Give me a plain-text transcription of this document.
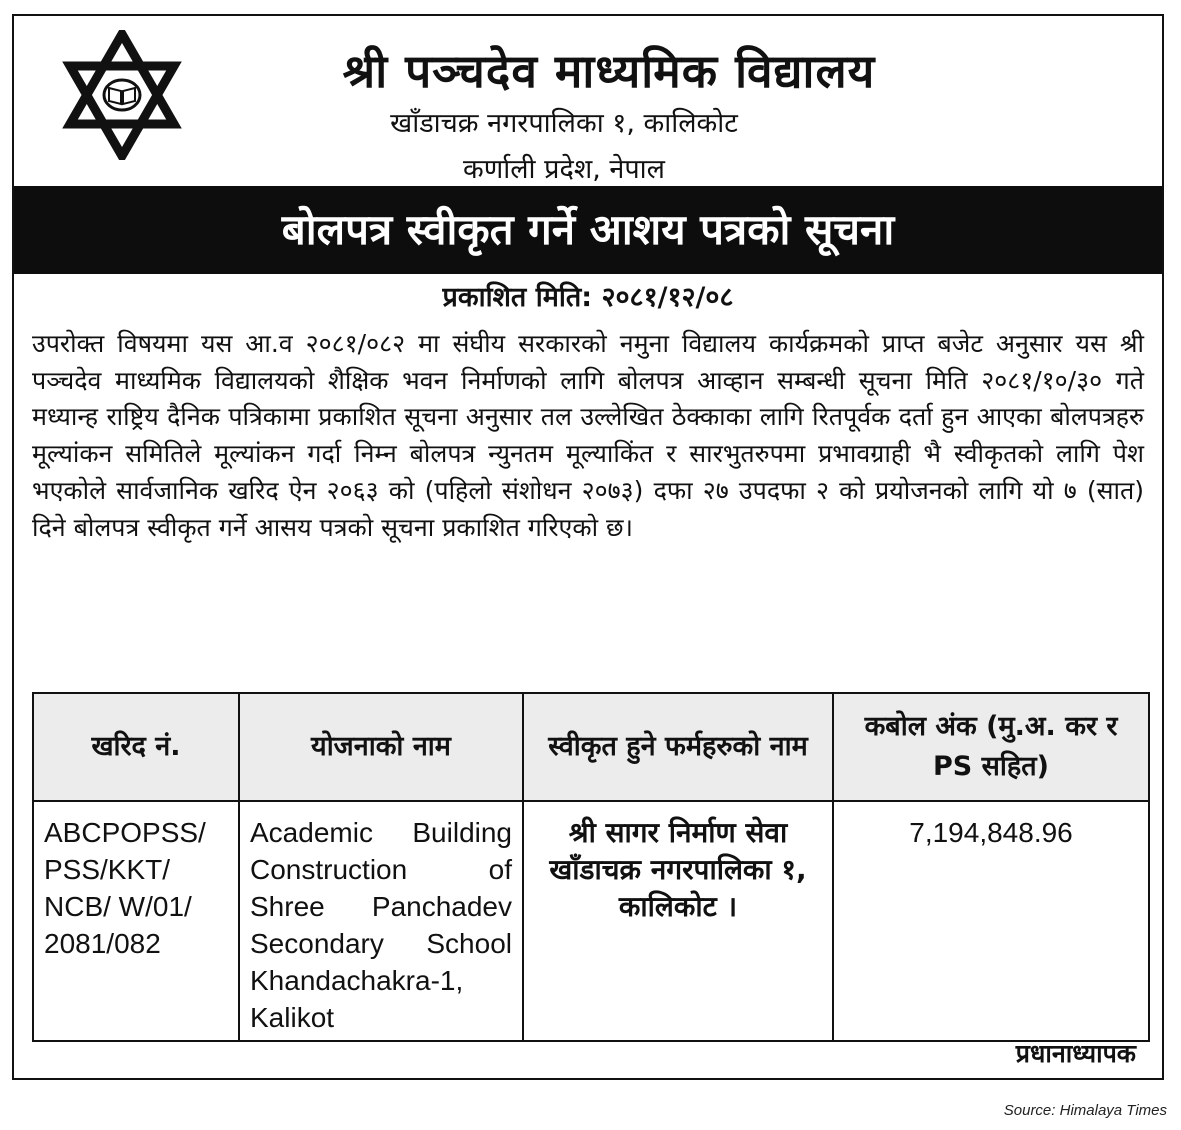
श्री पञ्चदेव माध्यमिक विद्यालय
खाँडाचक्र नगरपालिका १, कालिकोट
कर्णाली प्रदेश, नेपाल
बोलपत्र स्वीकृत गर्ने आशय पत्रको सूचना
प्रकाशित मिति: २०८१/१२/०८

उपरोक्त विषयमा यस आ.व २०८१/०८२ मा संघीय सरकारको नमुना विद्यालय कार्यक्रमको प्राप्त बजेट अनुसार यस श्री पञ्चदेव माध्यमिक विद्यालयको शैक्षिक भवन निर्माणको लागि बोलपत्र आव्हान सम्बन्धी सूचना मिति २०८१/१०/३० गते मध्यान्ह राष्ट्रिय दैनिक पत्रिकामा प्रकाशित सूचना अनुसार तल उल्लेखित ठेक्काका लागि रितपूर्वक दर्ता हुन आएका बोलपत्रहरु मूल्यांकन समितिले मूल्यांकन गर्दा निम्न बोलपत्र न्युनतम मूल्याकिंत र सारभुतरुपमा प्रभावग्राही भै स्वीकृतको लागि पेश भएकोले सार्वजानिक खरिद ऐन २०६३ को (पहिलो संशोधन २०७३) दफा २७ उपदफा २ को प्रयोजनको लागि यो ७ (सात) दिने बोलपत्र स्वीकृत गर्ने आसय पत्रको सूचना प्रकाशित गरिएको छ।

खरिद नं.	योजनाको नाम	स्वीकृत हुने फर्महरुको नाम	कबोल अंक (मु.अ. कर र PS सहित)
ABCPOPSS/ PSS/KKT/ NCB/ W/01/ 2081/082	Academic Building Construction of Shree Panchadev Secondary School Khandachakra-1, Kalikot	श्री सागर निर्माण सेवा खाँडाचक्र नगरपालिका १, कालिकोट ।	7,194,848.96
प्रधानाध्यापक
Source: Himalaya Times
